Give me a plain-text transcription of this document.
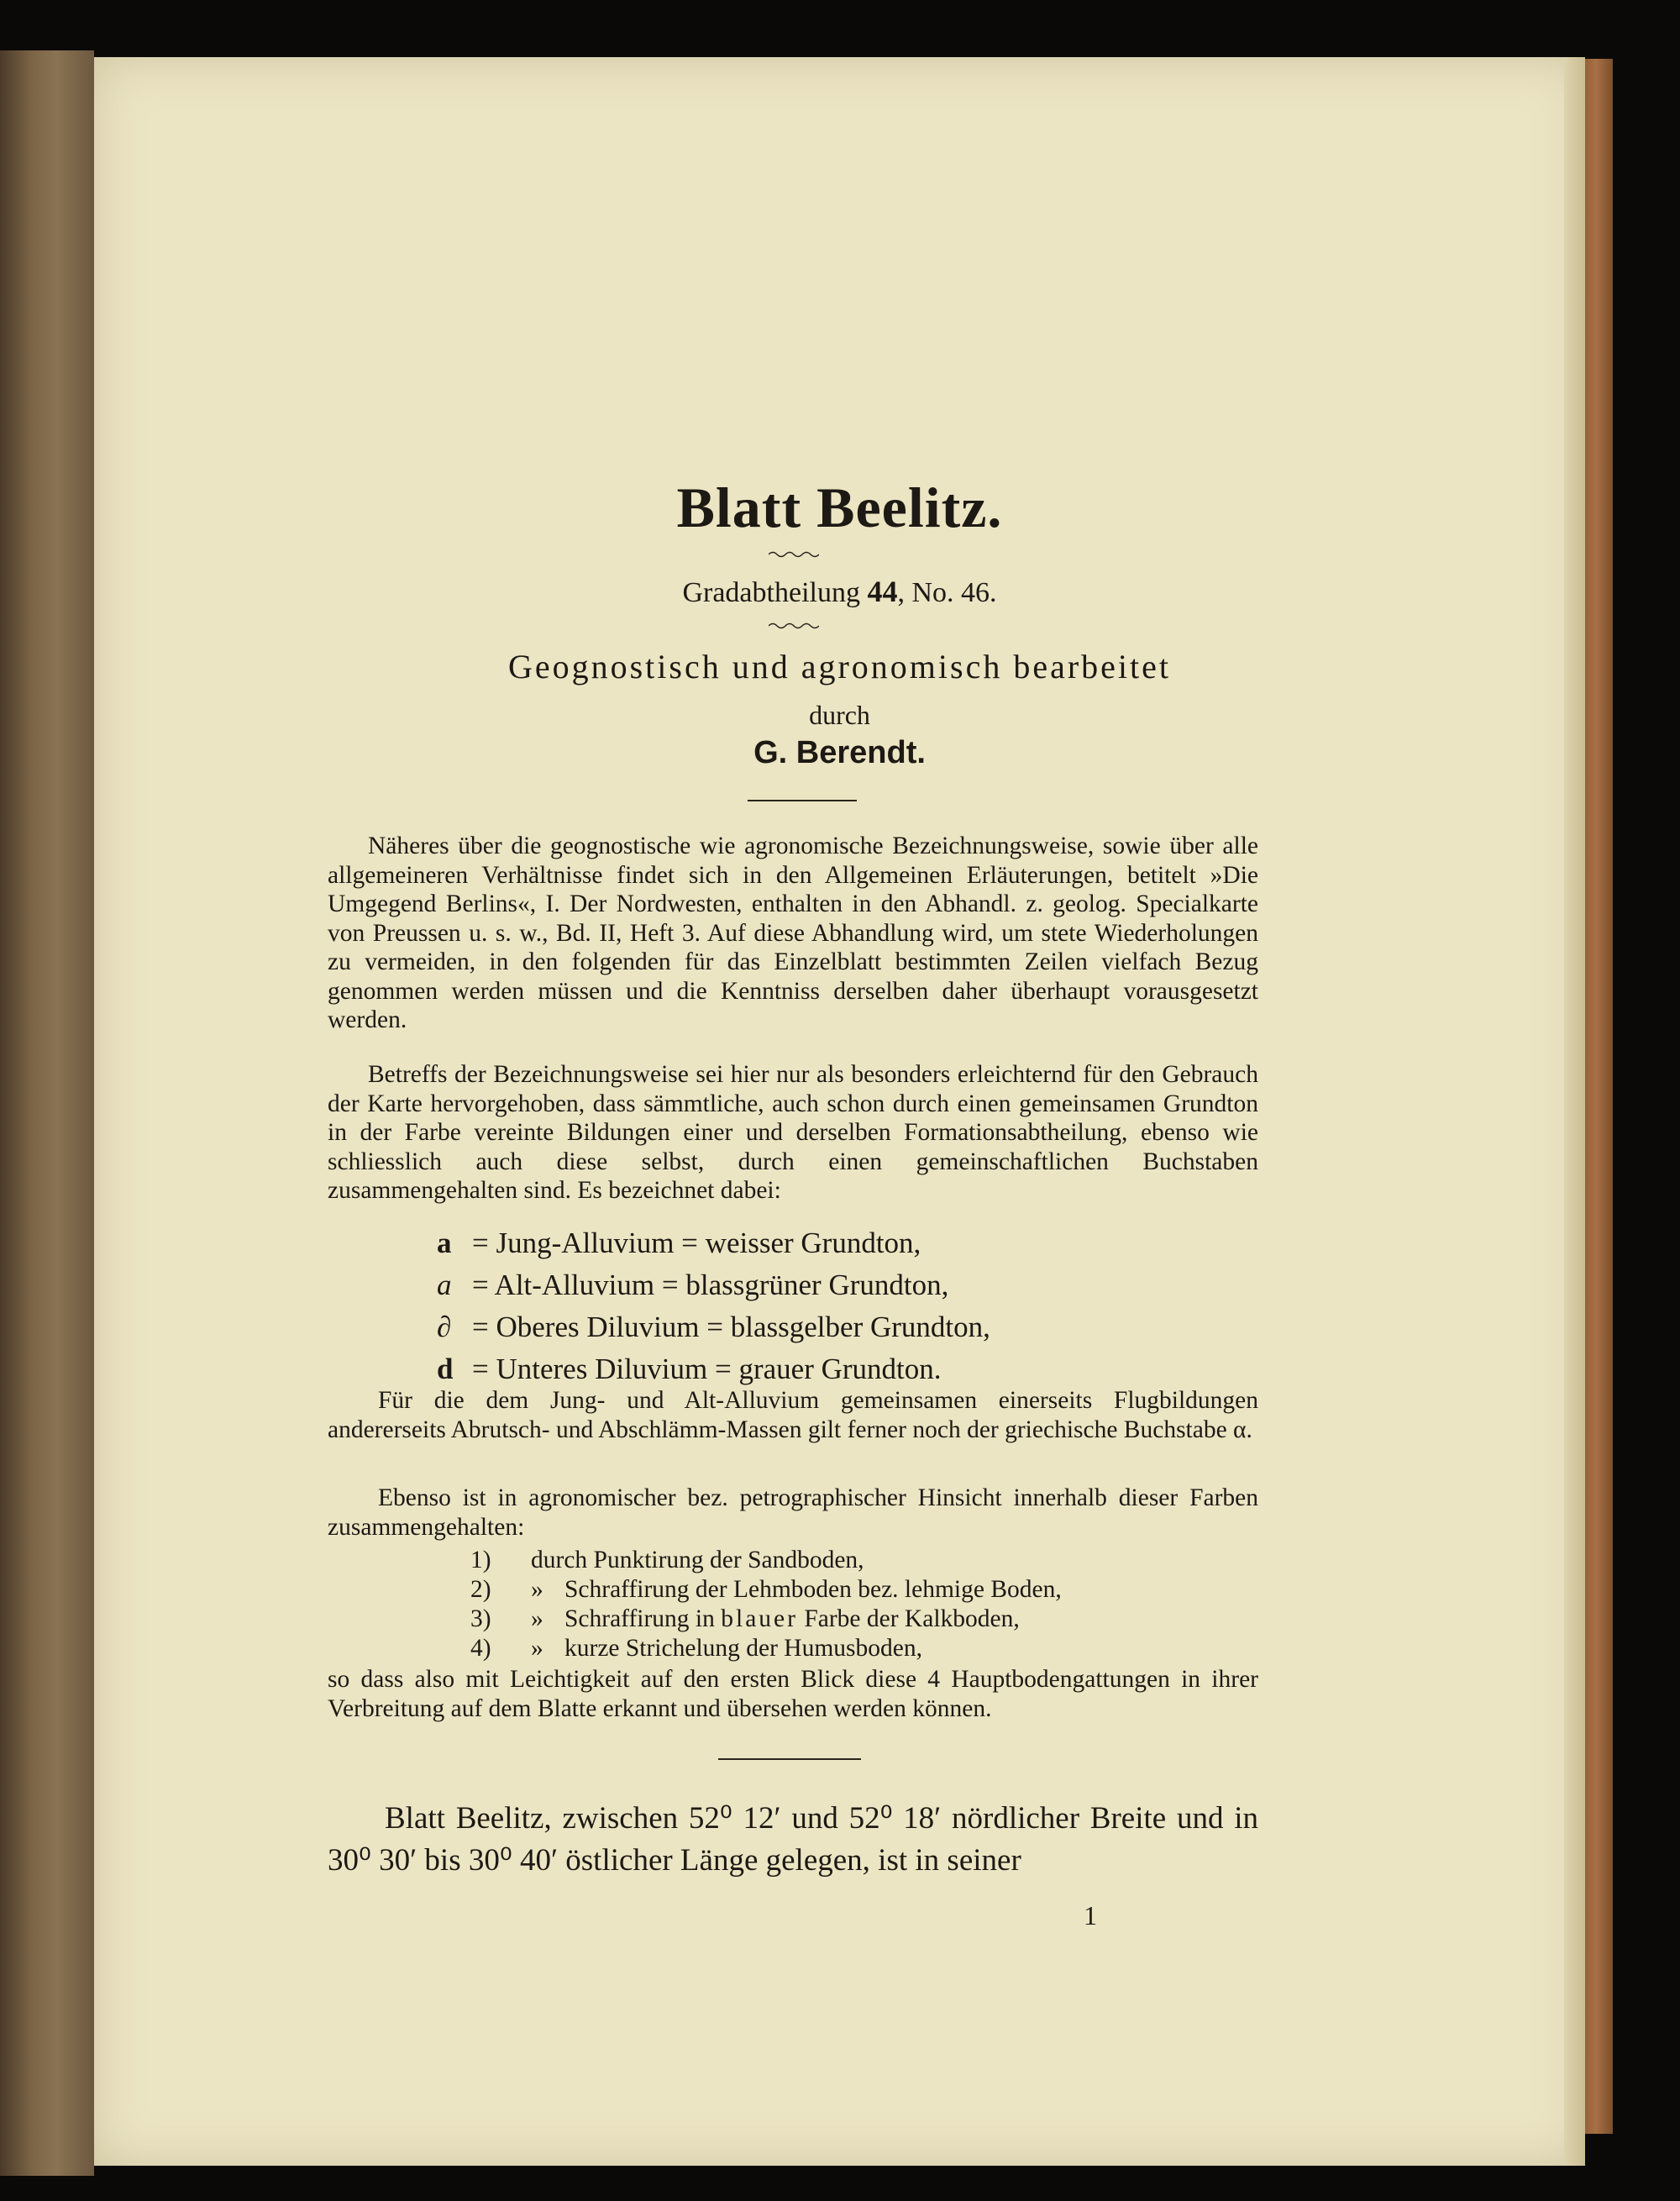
Blatt Beelitz.
Gradabtheilung 44, No. 46.
Geognostisch und agronomisch bearbeitet
durch
G. Berendt.
Näheres über die geognostische wie agronomische Bezeichnungsweise, sowie über alle allgemeineren Verhältnisse findet sich in den Allgemeinen Erläuterungen, betitelt »Die Umgegend Berlins«, I. Der Nordwesten, enthalten in den Abhandl. z. geolog. Specialkarte von Preussen u. s. w., Bd. II, Heft 3. Auf diese Abhandlung wird, um stete Wiederholungen zu vermeiden, in den folgenden für das Einzelblatt bestimmten Zeilen vielfach Bezug genommen werden müssen und die Kenntniss derselben daher überhaupt vorausgesetzt werden.
Betreffs der Bezeichnungsweise sei hier nur als besonders erleichternd für den Gebrauch der Karte hervorgehoben, dass sämmtliche, auch schon durch einen gemeinsamen Grundton in der Farbe vereinte Bildungen einer und derselben Formationsabtheilung, ebenso wie schliesslich auch diese selbst, durch einen gemeinschaftlichen Buchstaben zusammengehalten sind. Es bezeichnet dabei:
a = Jung-Alluvium = weisser Grundton,
a = Alt-Alluvium = blassgrüner Grundton,
∂ = Oberes Diluvium = blassgelber Grundton,
d = Unteres Diluvium = grauer Grundton.
Für die dem Jung- und Alt-Alluvium gemeinsamen einerseits Flugbildungen andererseits Abrutsch- und Abschlämm-Massen gilt ferner noch der griechische Buchstabe α.
Ebenso ist in agronomischer bez. petrographischer Hinsicht innerhalb dieser Farben zusammengehalten:
1)	durch Punktirung der Sandboden,
2)	» Schraffirung der Lehmboden bez. lehmige Boden,
3)	» Schraffirung in blauer Farbe der Kalkboden,
4)	» kurze Strichelung der Humusboden,
so dass also mit Leichtigkeit auf den ersten Blick diese 4 Hauptbodengattungen in ihrer Verbreitung auf dem Blatte erkannt und übersehen werden können.
Blatt Beelitz, zwischen 52⁰ 12′ und 52⁰ 18′ nördlicher Breite und in 30⁰ 30′ bis 30⁰ 40′ östlicher Länge gelegen, ist in seiner
1
